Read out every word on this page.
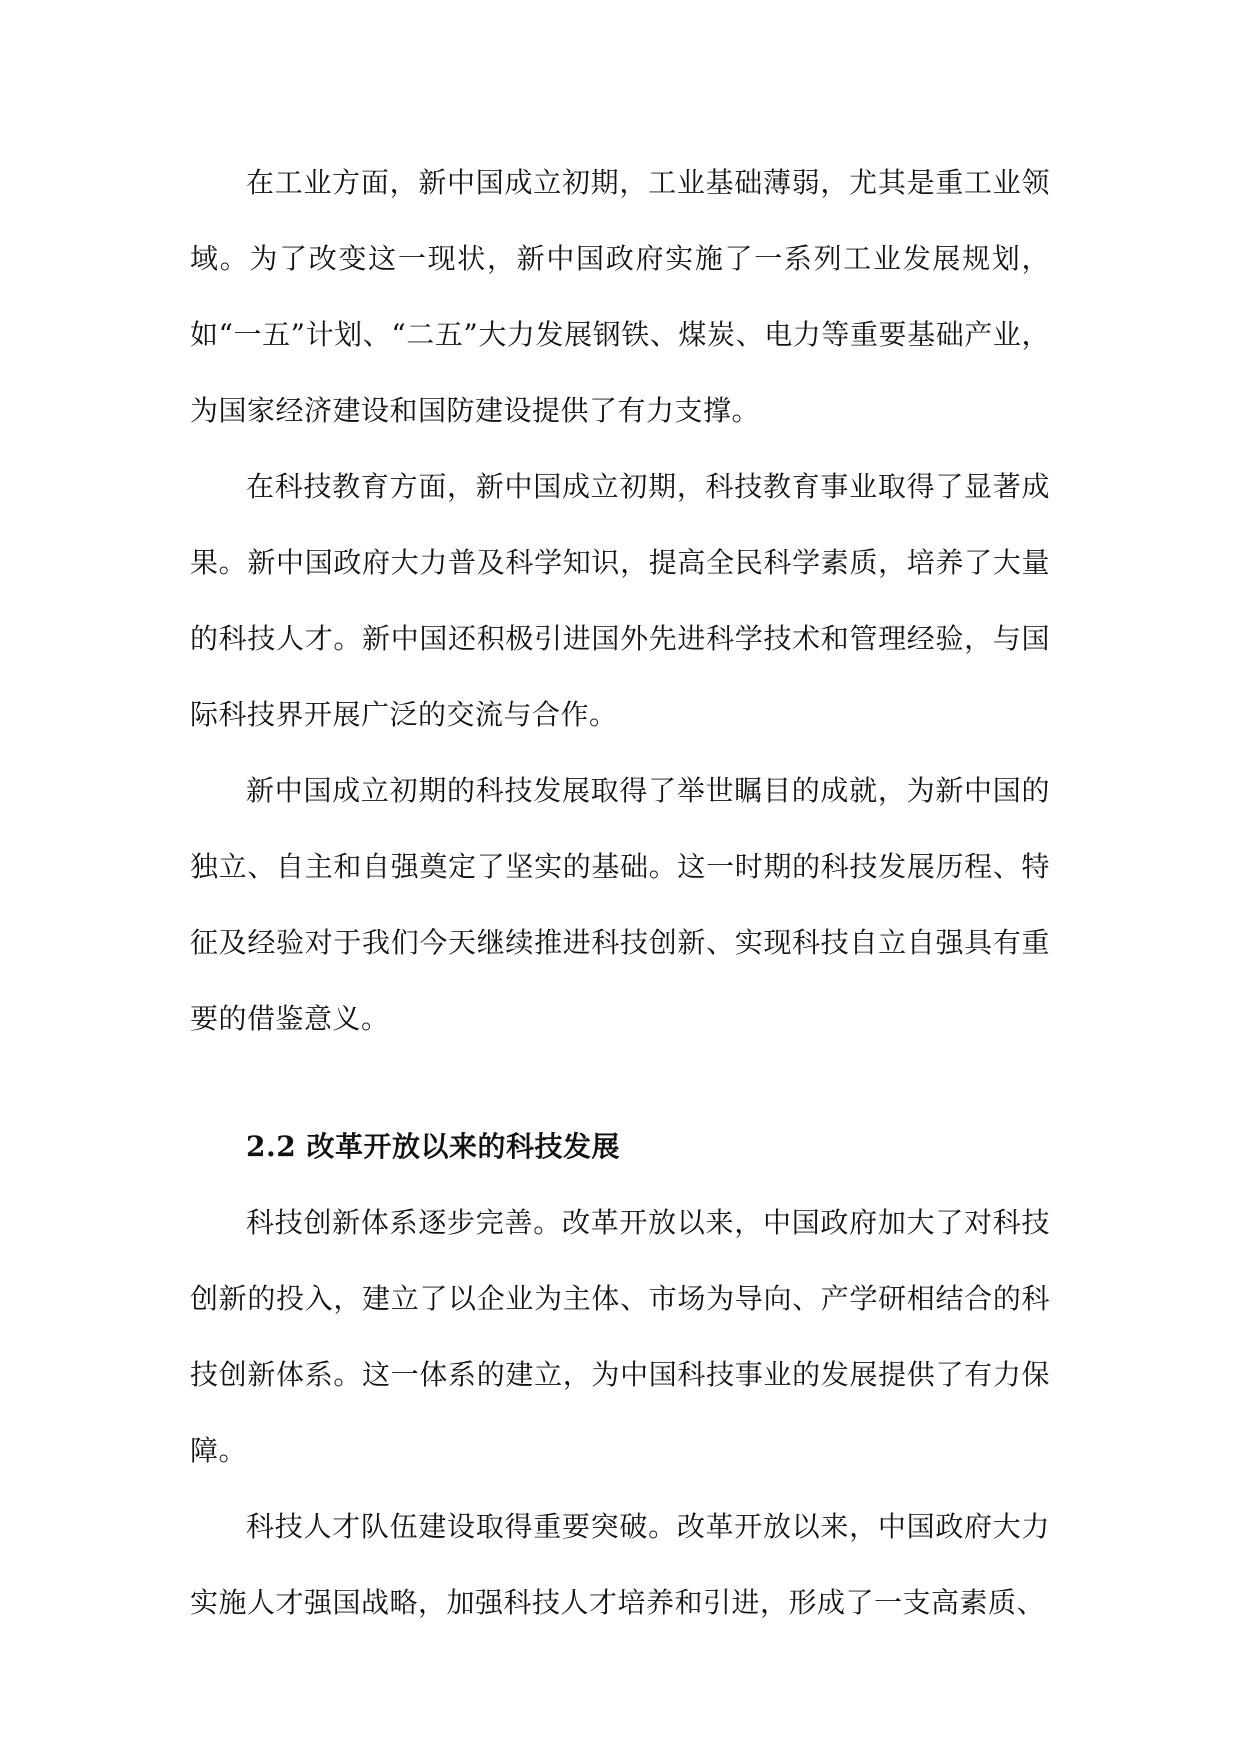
在工业方面，新中国成立初期，工业基础薄弱，尤其是重工业领域。为了改变这一现状，新中国政府实施了一系列工业发展规划，如“一五”计划、“二五”大力发展钢铁、煤炭、电力等重要基础产业，为国家经济建设和国防建设提供了有力支撑。

在科技教育方面，新中国成立初期，科技教育事业取得了显著成果。新中国政府大力普及科学知识，提高全民科学素质，培养了大量的科技人才。新中国还积极引进国外先进科学技术和管理经验，与国际科技界开展广泛的交流与合作。

新中国成立初期的科技发展取得了举世瞩目的成就，为新中国的独立、自主和自强奠定了坚实的基础。这一时期的科技发展历程、特征及经验对于我们今天继续推进科技创新、实现科技自立自强具有重要的借鉴意义。

2.2 改革开放以来的科技发展

科技创新体系逐步完善。改革开放以来，中国政府加大了对科技创新的投入，建立了以企业为主体、市场为导向、产学研相结合的科技创新体系。这一体系的建立，为中国科技事业的发展提供了有力保障。

科技人才队伍建设取得重要突破。改革开放以来，中国政府大力实施人才强国战略，加强科技人才培养和引进，形成了一支高素质、
